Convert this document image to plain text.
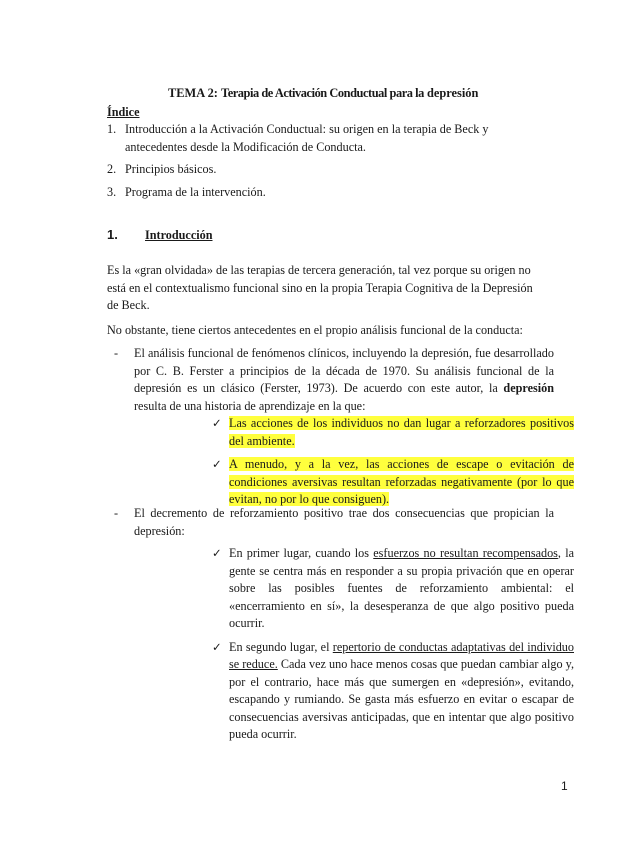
TEMA 2: Terapia de Activación Conductual para la depresión
Índice
1. Introducción a la Activación Conductual: su origen en la terapia de Beck y antecedentes desde la Modificación de Conducta.
2. Principios básicos.
3. Programa de la intervención.
1. Introducción
Es la «gran olvidada» de las terapias de tercera generación, tal vez porque su origen no está en el contextualismo funcional sino en la propia Terapia Cognitiva de la Depresión de Beck.
No obstante, tiene ciertos antecedentes en el propio análisis funcional de la conducta:
- El análisis funcional de fenómenos clínicos, incluyendo la depresión, fue desarrollado por C. B. Ferster a principios de la década de 1970. Su análisis funcional de la depresión es un clásico (Ferster, 1973). De acuerdo con este autor, la depresión resulta de una historia de aprendizaje en la que:
✓ Las acciones de los individuos no dan lugar a reforzadores positivos del ambiente.
✓ A menudo, y a la vez, las acciones de escape o evitación de condiciones aversivas resultan reforzadas negativamente (por lo que evitan, no por lo que consiguen).
- El decremento de reforzamiento positivo trae dos consecuencias que propician la depresión:
✓ En primer lugar, cuando los esfuerzos no resultan recompensados, la gente se centra más en responder a su propia privación que en operar sobre las posibles fuentes de reforzamiento ambiental: el «encerramiento en sí», la desesperanza de que algo positivo pueda ocurrir.
✓ En segundo lugar, el repertorio de conductas adaptativas del individuo se reduce. Cada vez uno hace menos cosas que puedan cambiar algo y, por el contrario, hace más que sumergen en «depresión», evitando, escapando y rumiando. Se gasta más esfuerzo en evitar o escapar de consecuencias aversivas anticipadas, que en intentar que algo positivo pueda ocurrir.
1
